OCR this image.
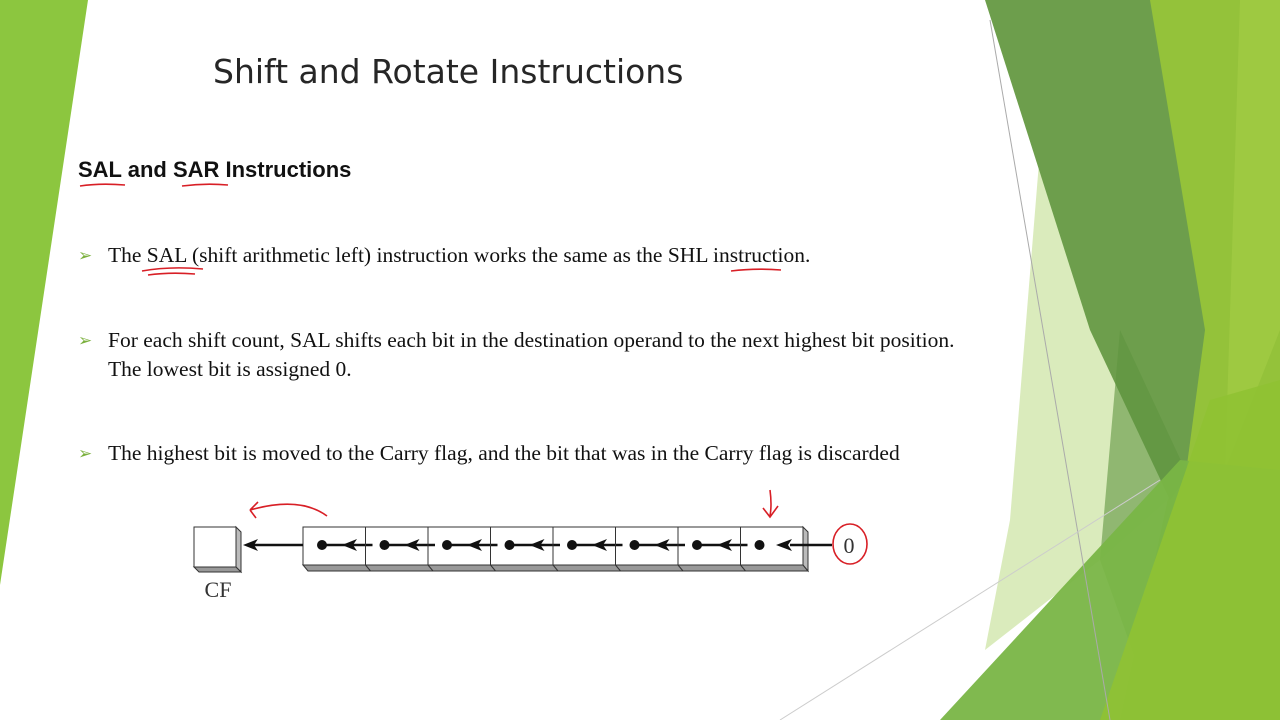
Shift and Rotate Instructions
SAL and SAR Instructions
➢ The SAL (shift arithmetic left) instruction works the same as the SHL instruction.
➢ For each shift count, SAL shifts each bit in the destination operand to the next highest bit position. The lowest bit is assigned 0.
➢ The highest bit is moved to the Carry flag, and the bit that was in the Carry flag is discarded
CF
0
